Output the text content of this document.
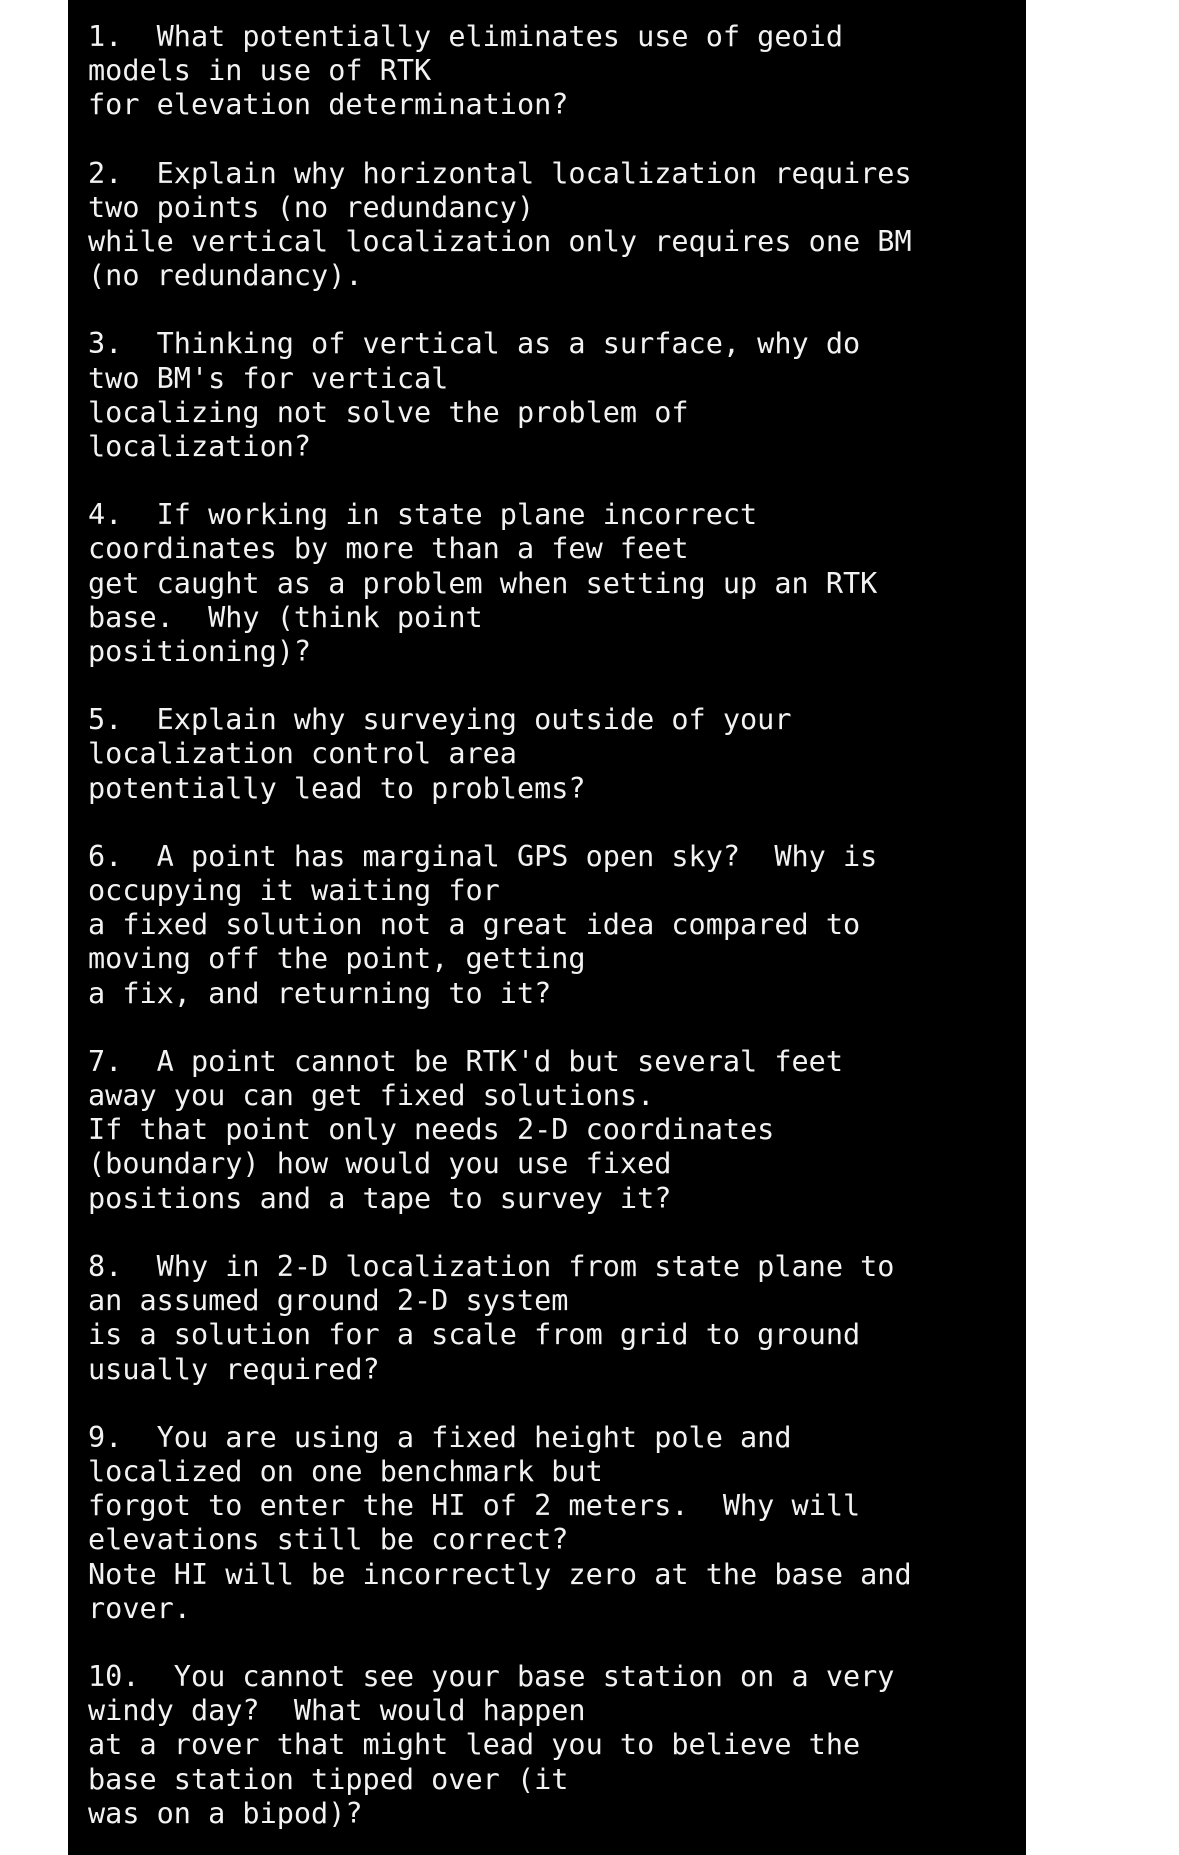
1.  What potentially eliminates use of geoid
models in use of RTK
for elevation determination?
2.  Explain why horizontal localization requires
two points (no redundancy)
while vertical localization only requires one BM
(no redundancy).
3.  Thinking of vertical as a surface, why do
two BM's for vertical
localizing not solve the problem of
localization?
4.  If working in state plane incorrect
coordinates by more than a few feet
get caught as a problem when setting up an RTK
base.  Why (think point
positioning)?
5.  Explain why surveying outside of your
localization control area
potentially lead to problems?
6.  A point has marginal GPS open sky?  Why is
occupying it waiting for
a fixed solution not a great idea compared to
moving off the point, getting
a fix, and returning to it?
7.  A point cannot be RTK'd but several feet
away you can get fixed solutions.
If that point only needs 2-D coordinates
(boundary) how would you use fixed
positions and a tape to survey it?
8.  Why in 2-D localization from state plane to
an assumed ground 2-D system
is a solution for a scale from grid to ground
usually required?
9.  You are using a fixed height pole and
localized on one benchmark but
forgot to enter the HI of 2 meters.  Why will
elevations still be correct?
Note HI will be incorrectly zero at the base and
rover.
10.  You cannot see your base station on a very
windy day?  What would happen
at a rover that might lead you to believe the
base station tipped over (it
was on a bipod)?
